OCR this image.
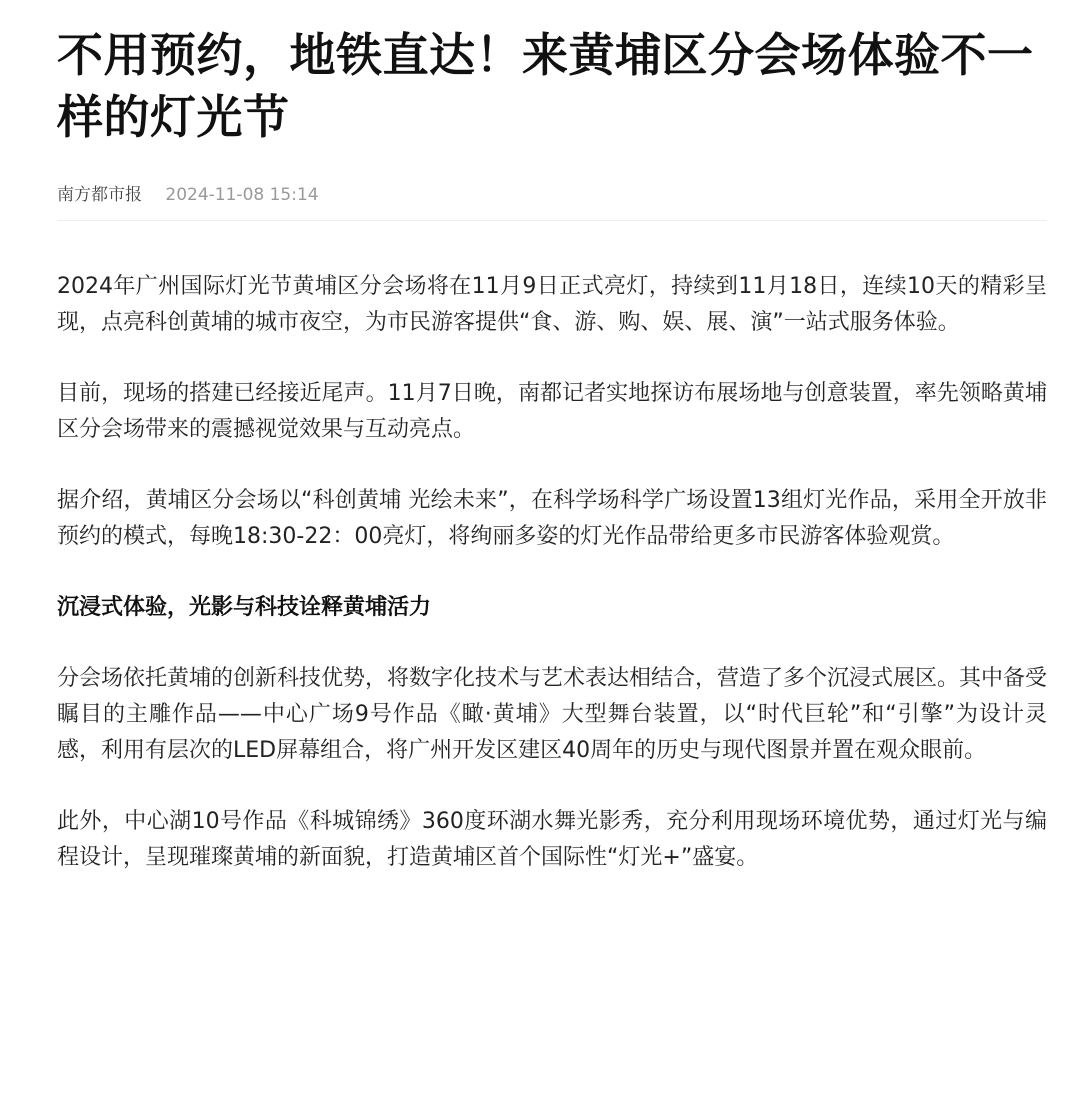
不用预约，地铁直达！来黄埔区分会场体验不一样的灯光节
南方都市报 2024-11-08 15:14

2024年广州国际灯光节黄埔区分会场将在11月9日正式亮灯，持续到11月18日，连续10天的精彩呈现，点亮科创黄埔的城市夜空，为市民游客提供“食、游、购、娱、展、演”一站式服务体验。

目前，现场的搭建已经接近尾声。11月7日晚，南都记者实地探访布展场地与创意装置，率先领略黄埔区分会场带来的震撼视觉效果与互动亮点。

据介绍，黄埔区分会场以“科创黄埔 光绘未来”，在科学场科学广场设置13组灯光作品，采用全开放非预约的模式，每晚18:30-22：00亮灯，将绚丽多姿的灯光作品带给更多市民游客体验观赏。

沉浸式体验，光影与科技诠释黄埔活力

分会场依托黄埔的创新科技优势，将数字化技术与艺术表达相结合，营造了多个沉浸式展区。其中备受瞩目的主雕作品——中心广场9号作品《瞰·黄埔》大型舞台装置，以“时代巨轮”和“引擎”为设计灵感，利用有层次的LED屏幕组合，将广州开发区建区40周年的历史与现代图景并置在观众眼前。

此外，中心湖10号作品《科城锦绣》360度环湖水舞光影秀，充分利用现场环境优势，通过灯光与编程设计，呈现璀璨黄埔的新面貌，打造黄埔区首个国际性“灯光+”盛宴。
